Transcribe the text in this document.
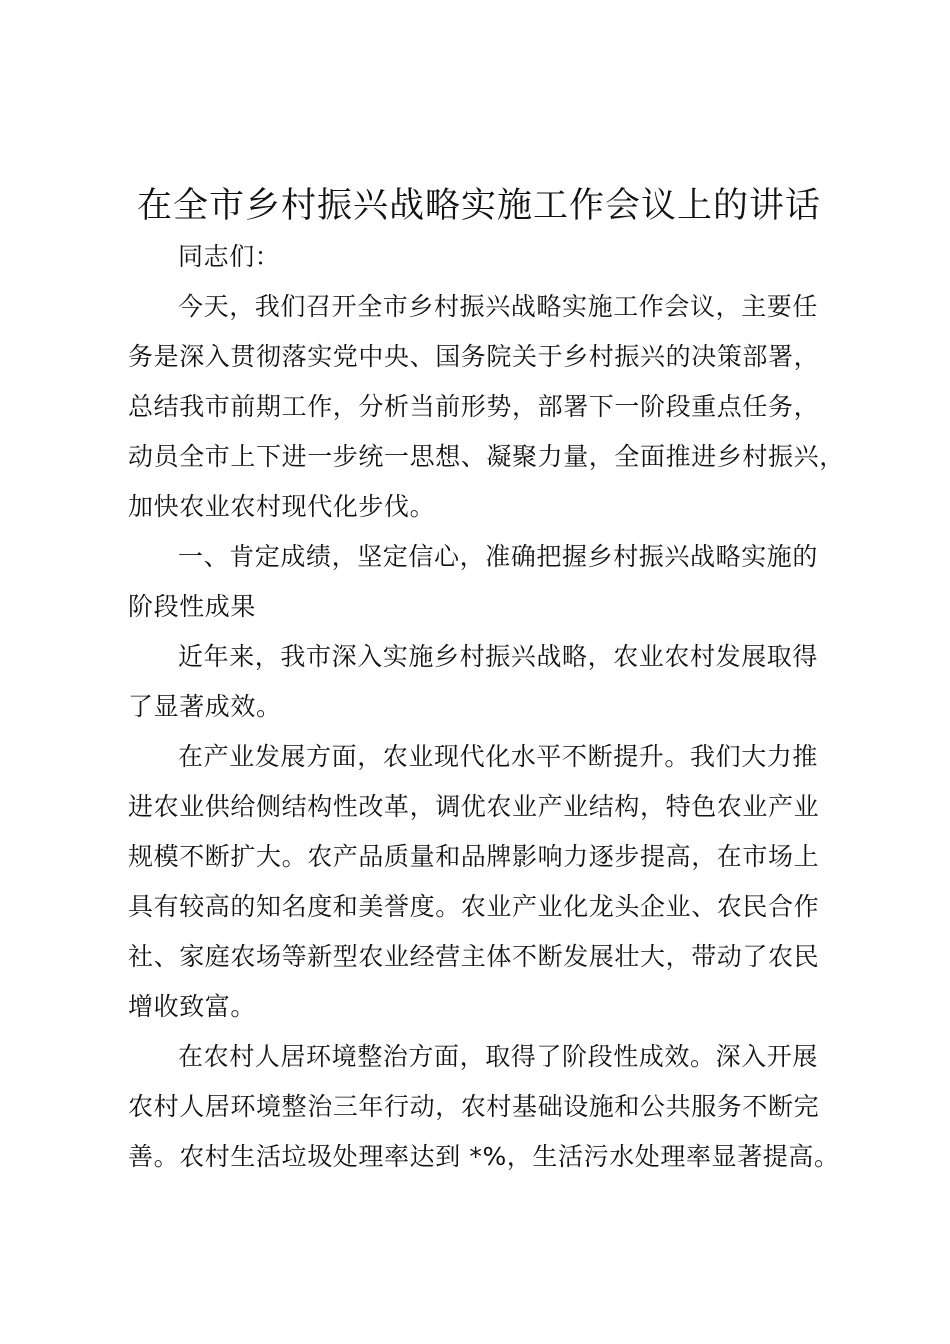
在全市乡村振兴战略实施工作会议上的讲话
同志们：
今天，我们召开全市乡村振兴战略实施工作会议，主要任
务是深入贯彻落实党中央、国务院关于乡村振兴的决策部署，
总结我市前期工作，分析当前形势，部署下一阶段重点任务，
动员全市上下进一步统一思想、凝聚力量，全面推进乡村振兴，
加快农业农村现代化步伐。
一、肯定成绩，坚定信心，准确把握乡村振兴战略实施的
阶段性成果
近年来，我市深入实施乡村振兴战略，农业农村发展取得
了显著成效。
在产业发展方面，农业现代化水平不断提升。我们大力推
进农业供给侧结构性改革，调优农业产业结构，特色农业产业
规模不断扩大。农产品质量和品牌影响力逐步提高，在市场上
具有较高的知名度和美誉度。农业产业化龙头企业、农民合作
社、家庭农场等新型农业经营主体不断发展壮大，带动了农民
增收致富。
在农村人居环境整治方面，取得了阶段性成效。深入开展
农村人居环境整治三年行动，农村基础设施和公共服务不断完
善。农村生活垃圾处理率达到 *%，生活污水处理率显著提高。
